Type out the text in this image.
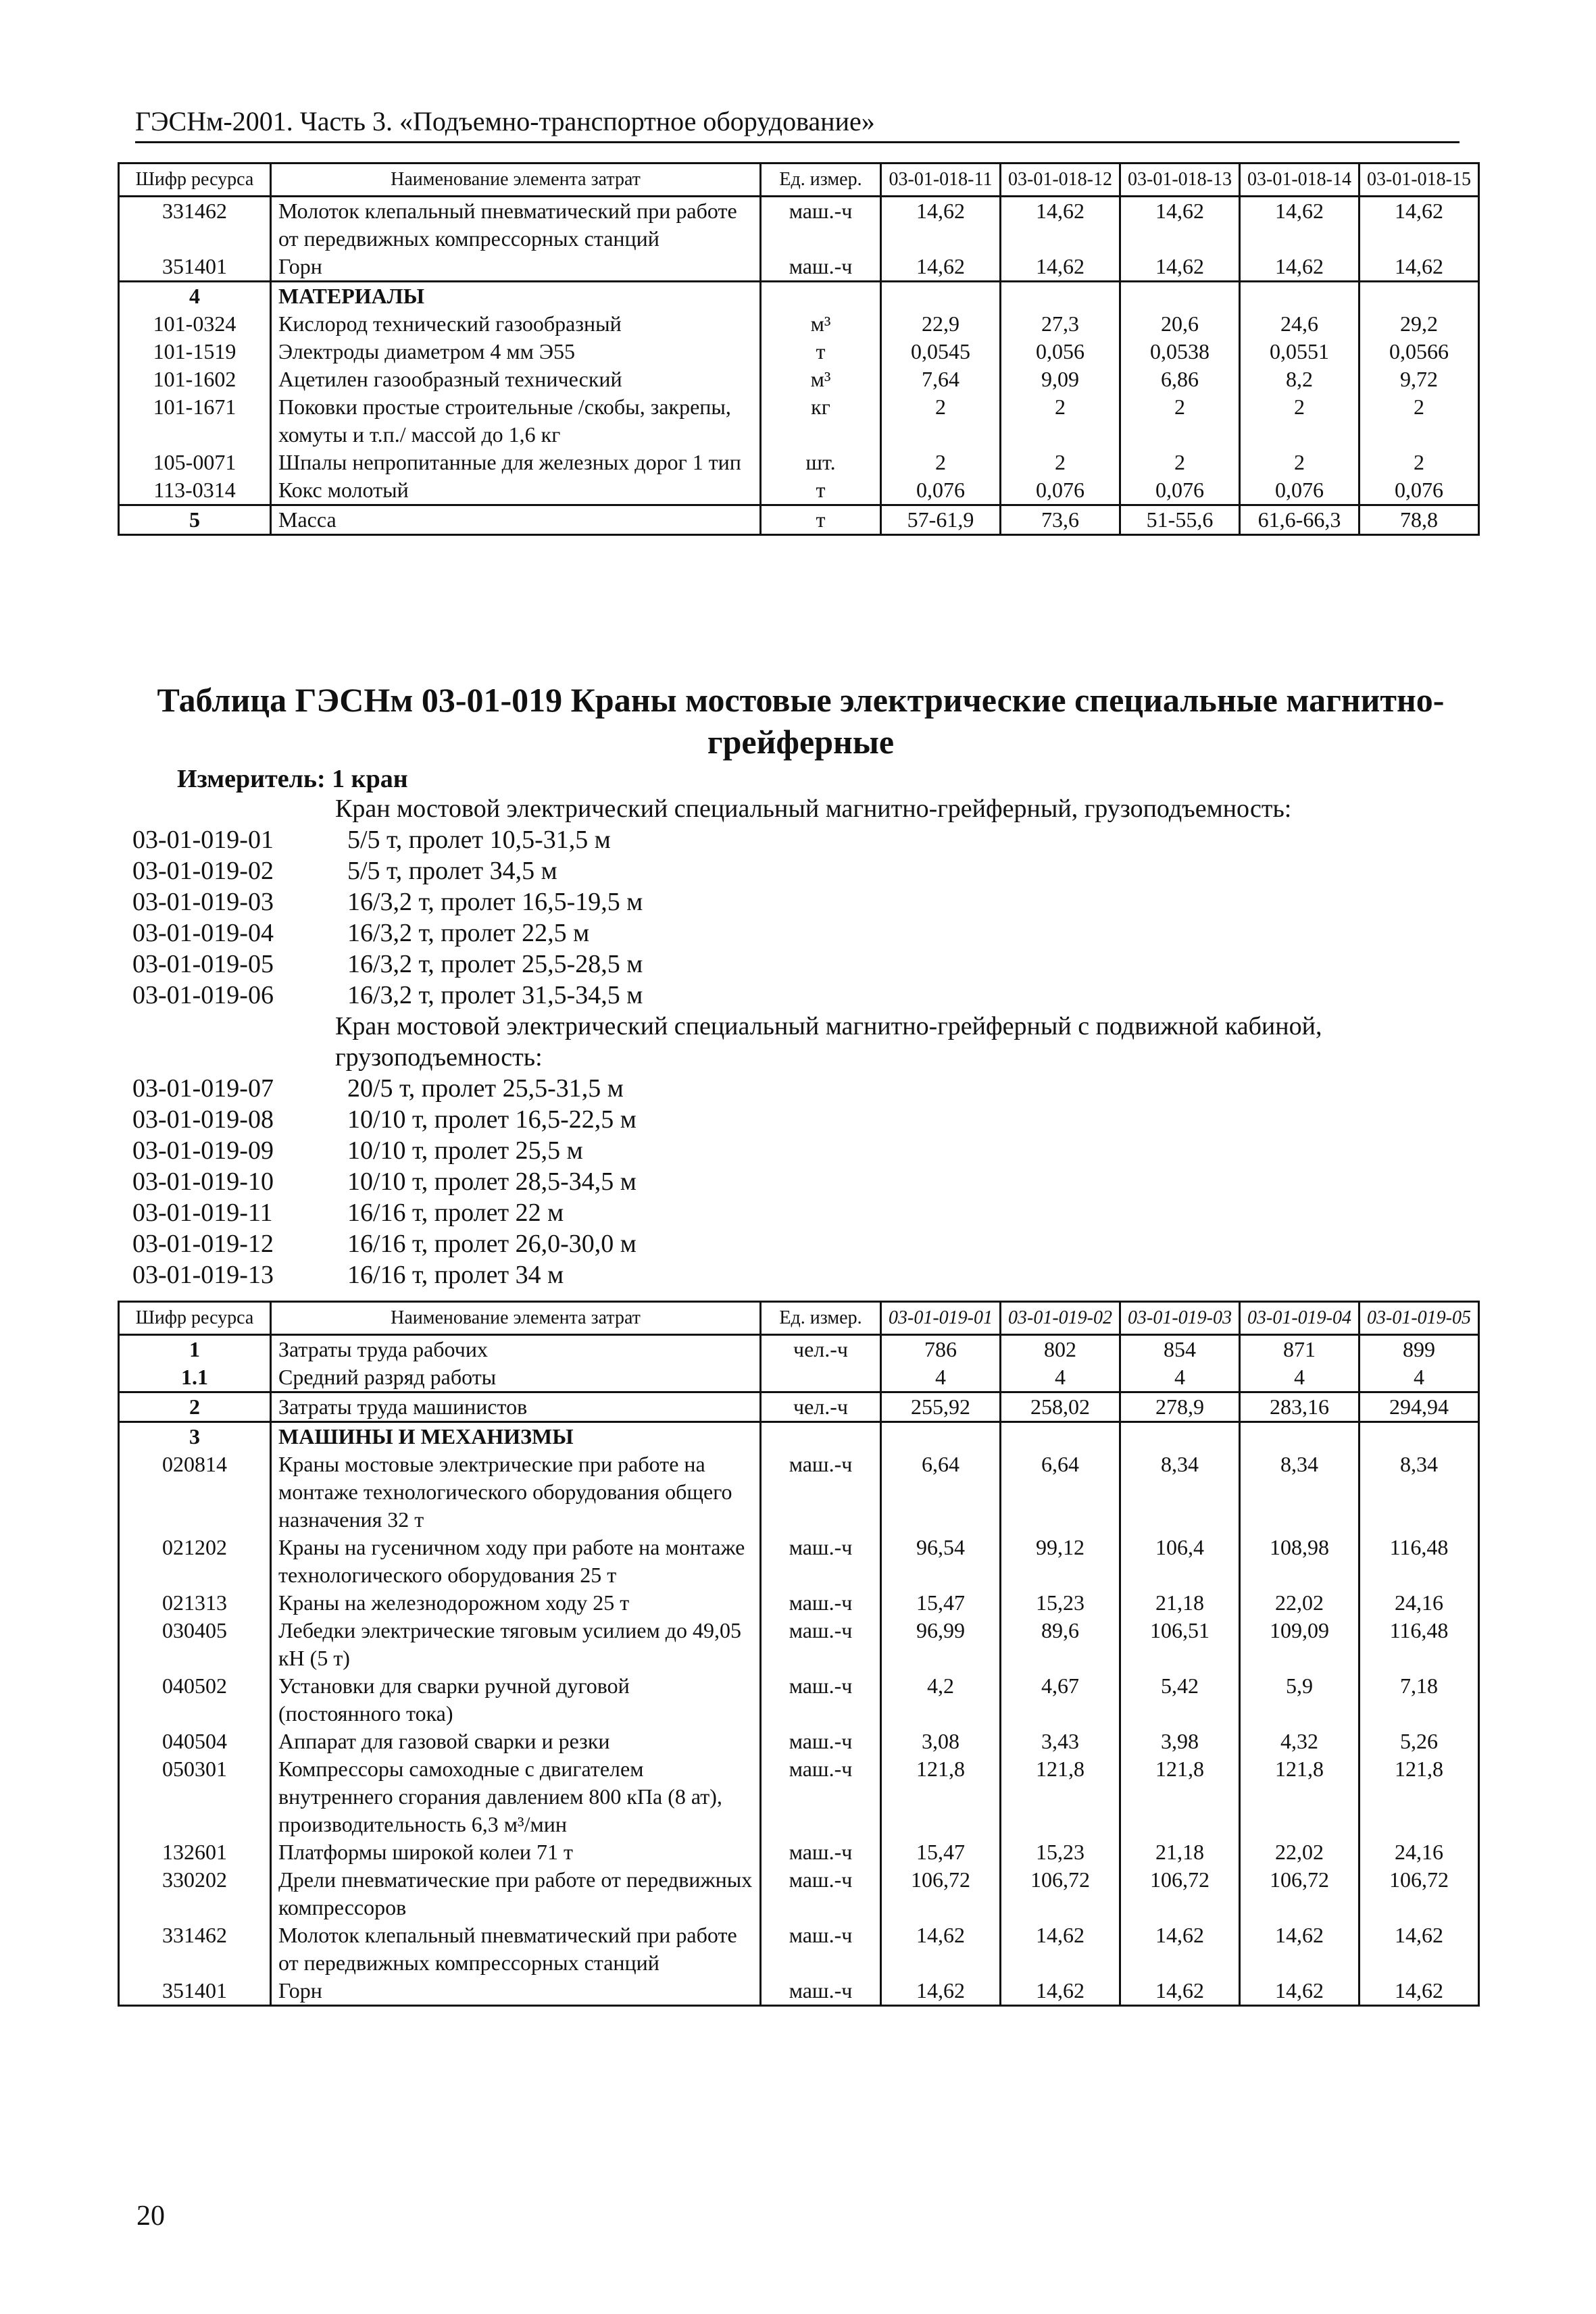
ГЭСНм-2001. Часть 3. «Подъемно-транспортное оборудование»
Шифр ресурса	Наименование элемента затрат	Ед. измер.	03-01-018-11	03-01-018-12	03-01-018-13	03-01-018-14	03-01-018-15
331462	Молоток клепальный пневматический при работе от передвижных компрессорных станций	маш.-ч	14,62	14,62	14,62	14,62	14,62
351401	Горн	маш.-ч	14,62	14,62	14,62	14,62	14,62
4	МАТЕРИАЛЫ						
101-0324	Кислород технический газообразный	м³	22,9	27,3	20,6	24,6	29,2
101-1519	Электроды диаметром 4 мм Э55	т	0,0545	0,056	0,0538	0,0551	0,0566
101-1602	Ацетилен газообразный технический	м³	7,64	9,09	6,86	8,2	9,72
101-1671	Поковки простые строительные /скобы, закрепы, хомуты и т.п./ массой до 1,6 кг	кг	2	2	2	2	2
105-0071	Шпалы непропитанные для железных дорог 1 тип	шт.	2	2	2	2	2
113-0314	Кокс молотый	т	0,076	0,076	0,076	0,076	0,076
5	Масса	т	57-61,9	73,6	51-55,6	61,6-66,3	78,8
Таблица ГЭСНм 03-01-019 Краны мостовые электрические специальные магнитно-грейферные
Измеритель: 1 кран
Кран мостовой электрический специальный магнитно-грейферный, грузоподъемность:
03-01-019-01	5/5 т, пролет 10,5-31,5 м
03-01-019-02	5/5 т, пролет 34,5 м
03-01-019-03	16/3,2 т, пролет 16,5-19,5 м
03-01-019-04	16/3,2 т, пролет 22,5 м
03-01-019-05	16/3,2 т, пролет 25,5-28,5 м
03-01-019-06	16/3,2 т, пролет 31,5-34,5 м
Кран мостовой электрический специальный магнитно-грейферный с подвижной кабиной,
грузоподъемность:
03-01-019-07	20/5 т, пролет 25,5-31,5 м
03-01-019-08	10/10 т, пролет 16,5-22,5 м
03-01-019-09	10/10 т, пролет 25,5 м
03-01-019-10	10/10 т, пролет 28,5-34,5 м
03-01-019-11	16/16 т, пролет 22 м
03-01-019-12	16/16 т, пролет 26,0-30,0 м
03-01-019-13	16/16 т, пролет 34 м
Шифр ресурса	Наименование элемента затрат	Ед. измер.	03-01-019-01	03-01-019-02	03-01-019-03	03-01-019-04	03-01-019-05
1	Затраты труда рабочих	чел.-ч	786	802	854	871	899
1.1	Средний разряд работы		4	4	4	4	4
2	Затраты труда машинистов	чел.-ч	255,92	258,02	278,9	283,16	294,94
3	МАШИНЫ И МЕХАНИЗМЫ						
020814	Краны мостовые электрические при работе на монтаже технологического оборудования общего назначения 32 т	маш.-ч	6,64	6,64	8,34	8,34	8,34
021202	Краны на гусеничном ходу при работе на монтаже технологического оборудования 25 т	маш.-ч	96,54	99,12	106,4	108,98	116,48
021313	Краны на железнодорожном ходу 25 т	маш.-ч	15,47	15,23	21,18	22,02	24,16
030405	Лебедки электрические тяговым усилием до 49,05 кН (5 т)	маш.-ч	96,99	89,6	106,51	109,09	116,48
040502	Установки для сварки ручной дуговой (постоянного тока)	маш.-ч	4,2	4,67	5,42	5,9	7,18
040504	Аппарат для газовой сварки и резки	маш.-ч	3,08	3,43	3,98	4,32	5,26
050301	Компрессоры самоходные с двигателем внутреннего сгорания давлением 800 кПа (8 ат), производительность 6,3 м³/мин	маш.-ч	121,8	121,8	121,8	121,8	121,8
132601	Платформы широкой колеи 71 т	маш.-ч	15,47	15,23	21,18	22,02	24,16
330202	Дрели пневматические при работе от передвижных компрессоров	маш.-ч	106,72	106,72	106,72	106,72	106,72
331462	Молоток клепальный пневматический при работе от передвижных компрессорных станций	маш.-ч	14,62	14,62	14,62	14,62	14,62
351401	Горн	маш.-ч	14,62	14,62	14,62	14,62	14,62
20
